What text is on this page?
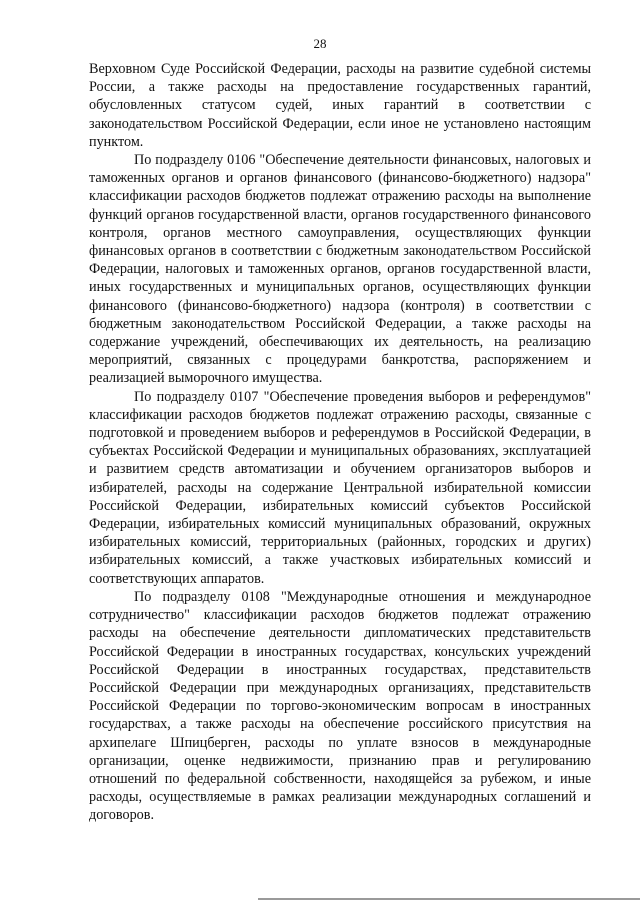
28

Верховном Суде Российской Федерации, расходы на развитие судебной системы России, а также расходы на предоставление государственных гарантий, обусловленных статусом судей, иных гарантий в соответствии с законодательством Российской Федерации, если иное не установлено настоящим пунктом.

По подразделу 0106 "Обеспечение деятельности финансовых, налоговых и таможенных органов и органов финансового (финансово-бюджетного) надзора" классификации расходов бюджетов подлежат отражению расходы на выполнение функций органов государственной власти, органов государственного финансового контроля, органов местного самоуправления, осуществляющих функции финансовых органов в соответствии с бюджетным законодательством Российской Федерации, налоговых и таможенных органов, органов государственной власти, иных государственных и муниципальных органов, осуществляющих функции финансового (финансово-бюджетного) надзора (контроля) в соответствии с бюджетным законодательством Российской Федерации, а также расходы на содержание учреждений, обеспечивающих их деятельность, на реализацию мероприятий, связанных с процедурами банкротства, распоряжением и реализацией выморочного имущества.

По подразделу 0107 "Обеспечение проведения выборов и референдумов" классификации расходов бюджетов подлежат отражению расходы, связанные с подготовкой и проведением выборов и референдумов в Российской Федерации, в субъектах Российской Федерации и муниципальных образованиях, эксплуатацией и развитием средств автоматизации и обучением организаторов выборов и избирателей, расходы на содержание Центральной избирательной комиссии Российской Федерации, избирательных комиссий субъектов Российской Федерации, избирательных комиссий муниципальных образований, окружных избирательных комиссий, территориальных (районных, городских и других) избирательных комиссий, а также участковых избирательных комиссий и соответствующих аппаратов.

По подразделу 0108 "Международные отношения и международное сотрудничество" классификации расходов бюджетов подлежат отражению расходы на обеспечение деятельности дипломатических представительств Российской Федерации в иностранных государствах, консульских учреждений Российской Федерации в иностранных государствах, представительств Российской Федерации при международных организациях, представительств Российской Федерации по торгово-экономическим вопросам в иностранных государствах, а также расходы на обеспечение российского присутствия на архипелаге Шпицберген, расходы по уплате взносов в международные организации, оценке недвижимости, признанию прав и регулированию отношений по федеральной собственности, находящейся за рубежом, и иные расходы, осуществляемые в рамках реализации международных соглашений и договоров.
